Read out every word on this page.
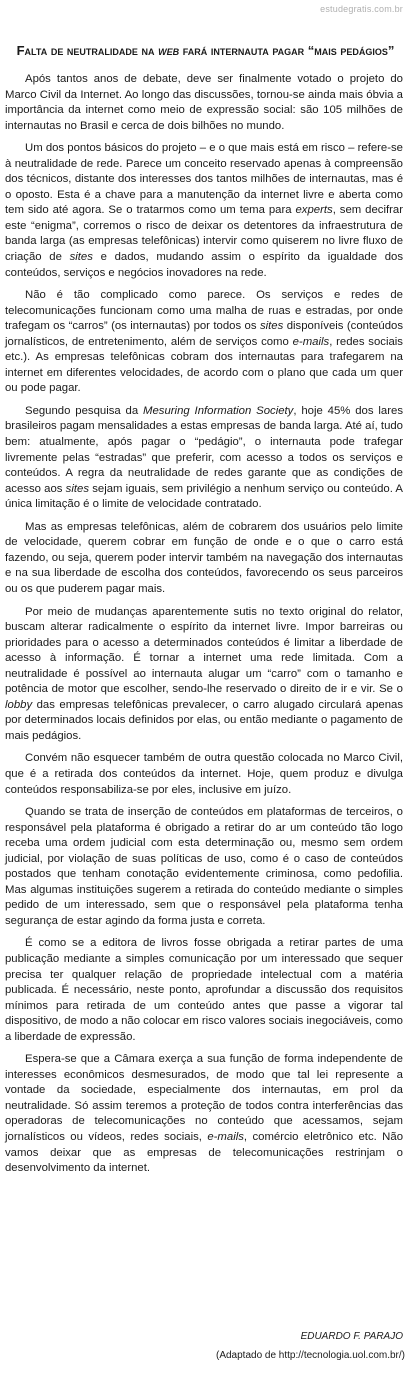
estudegratis.com.br
Falta de neutralidade na web fará internauta pagar “mais pedágios”

Após tantos anos de debate, deve ser finalmente votado o projeto do Marco Civil da Internet. Ao longo das discussões, tornou-se ainda mais óbvia a importância da internet como meio de expressão social: são 105 milhões de internautas no Brasil e cerca de dois bilhões no mundo.

Um dos pontos básicos do projeto – e o que mais está em risco – refere-se à neutralidade de rede. Parece um conceito reservado apenas à compreensão dos técnicos, distante dos interesses dos tantos milhões de internautas, mas é o oposto. Esta é a chave para a manutenção da internet livre e aberta como tem sido até agora. Se o tratarmos como um tema para experts, sem decifrar este “enigma”, corremos o risco de deixar os detentores da infraestrutura de banda larga (as empresas telefônicas) intervir como quiserem no livre fluxo de criação de sites e dados, mudando assim o espírito da igualdade dos conteúdos, serviços e negócios inovadores na rede.

Não é tão complicado como parece. Os serviços e redes de telecomunicações funcionam como uma malha de ruas e estradas, por onde trafegam os “carros” (os internautas) por todos os sites disponíveis (conteúdos jornalísticos, de entretenimento, além de serviços como e-mails, redes sociais etc.). As empresas telefônicas cobram dos internautas para trafegarem na internet em diferentes velocidades, de acordo com o plano que cada um quer ou pode pagar.

Segundo pesquisa da Mesuring Information Society, hoje 45% dos lares brasileiros pagam mensalidades a estas empresas de banda larga. Até aí, tudo bem: atualmente, após pagar o “pedágio”, o internauta pode trafegar livremente pelas “estradas” que preferir, com acesso a todos os serviços e conteúdos. A regra da neutralidade de redes garante que as condições de acesso aos sites sejam iguais, sem privilégio a nenhum serviço ou conteúdo. A única limitação é o limite de velocidade contratado.

Mas as empresas telefônicas, além de cobrarem dos usuários pelo limite de velocidade, querem cobrar em função de onde e o que o carro está fazendo, ou seja, querem poder intervir também na navegação dos internautas e na sua liberdade de escolha dos conteúdos, favorecendo os seus parceiros ou os que puderem pagar mais.

Por meio de mudanças aparentemente sutis no texto original do relator, buscam alterar radicalmente o espírito da internet livre. Impor barreiras ou prioridades para o acesso a determinados conteúdos é limitar a liberdade de acesso à informação. É tornar a internet uma rede limitada. Com a neutralidade é possível ao internauta alugar um “carro” com o tamanho e potência de motor que escolher, sendo-lhe reservado o direito de ir e vir. Se o lobby das empresas telefônicas prevalecer, o carro alugado circulará apenas por determinados locais definidos por elas, ou então mediante o pagamento de mais pedágios.

Convém não esquecer também de outra questão colocada no Marco Civil, que é a retirada dos conteúdos da internet. Hoje, quem produz e divulga conteúdos responsabiliza-se por eles, inclusive em juízo.

Quando se trata de inserção de conteúdos em plataformas de terceiros, o responsável pela plataforma é obrigado a retirar do ar um conteúdo tão logo receba uma ordem judicial com esta determinação ou, mesmo sem ordem judicial, por violação de suas políticas de uso, como é o caso de conteúdos postados que tenham conotação evidentemente criminosa, como pedofilia. Mas algumas instituições sugerem a retirada do conteúdo mediante o simples pedido de um interessado, sem que o responsável pela plataforma tenha segurança de estar agindo da forma justa e correta.

É como se a editora de livros fosse obrigada a retirar partes de uma publicação mediante a simples comunicação por um interessado que sequer precisa ter qualquer relação de propriedade intelectual com a matéria publicada. É necessário, neste ponto, aprofundar a discussão dos requisitos mínimos para retirada de um conteúdo antes que passe a vigorar tal dispositivo, de modo a não colocar em risco valores sociais inegociáveis, como a liberdade de expressão.

Espera-se que a Câmara exerça a sua função de forma independente de interesses econômicos desmesurados, de modo que tal lei represente a vontade da sociedade, especialmente dos internautas, em prol da neutralidade. Só assim teremos a proteção de todos contra interferências das operadoras de telecomunicações no conteúdo que acessamos, sejam jornalísticos ou vídeos, redes sociais, e-mails, comércio eletrônico etc. Não vamos deixar que as empresas de telecomunicações restrinjam o desenvolvimento da internet.

EDUARDO F. PARAJO
(Adaptado de http://tecnologia.uol.com.br/)
